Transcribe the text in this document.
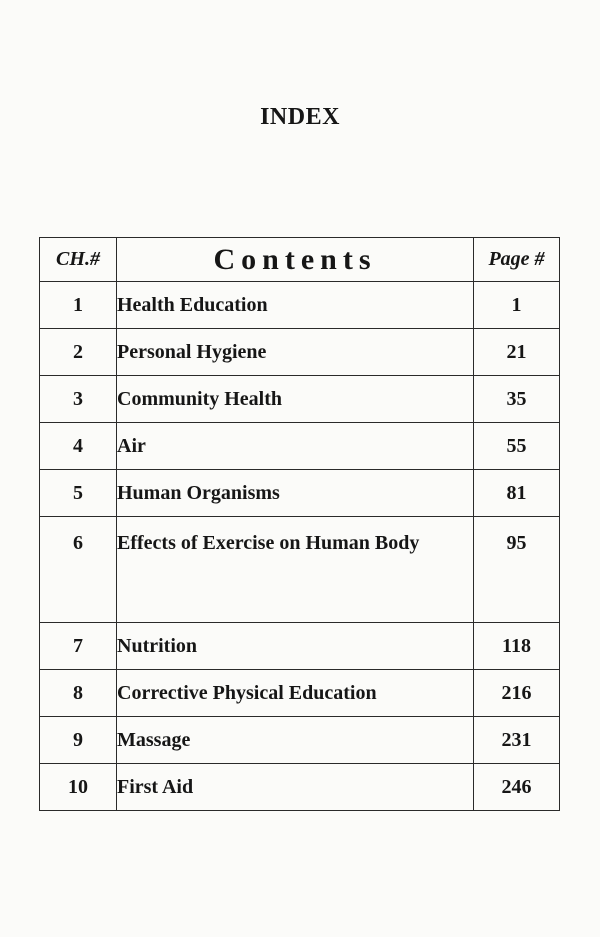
INDEX
CH.#	Contents	Page #
1	Health Education	1
2	Personal Hygiene	21
3	Community Health	35
4	Air	55
5	Human Organisms	81
6	Effects of Exercise on Human Body	95
7	Nutrition	118
8	Corrective Physical Education	216
9	Massage	231
10	First Aid	246
